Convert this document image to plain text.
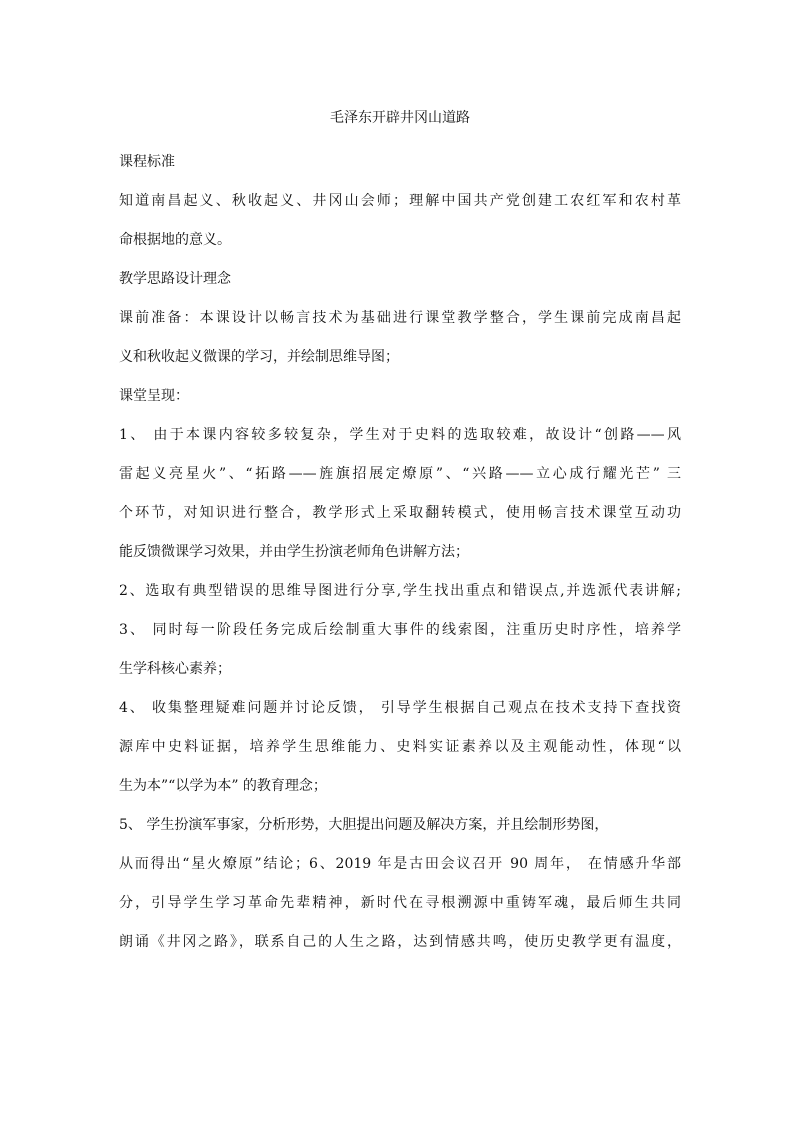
毛泽东开辟井冈山道路
课程标准
知道南昌起义、秋收起义、井冈山会师；理解中国共产党创建工农红军和农村革
命根据地的意义。
教学思路设计理念
课前准备：本课设计以畅言技术为基础进行课堂教学整合，学生课前完成南昌起
义和秋收起义微课的学习，并绘制思维导图；
课堂呈现：
1、 由于本课内容较多较复杂，学生对于史料的选取较难，故设计“创路——风
雷起义亮星火”、“拓路——旌旗招展定燎原”、“兴路——立心成行耀光芒” 三
个环节，对知识进行整合，教学形式上采取翻转模式，使用畅言技术课堂互动功
能反馈微课学习效果，并由学生扮演老师角色讲解方法；
2、选取有典型错误的思维导图进行分享,学生找出重点和错误点,并选派代表讲解;
3、 同时每一阶段任务完成后绘制重大事件的线索图，注重历史时序性，培养学
生学科核心素养；
4、 收集整理疑难问题并讨论反馈， 引导学生根据自己观点在技术支持下查找资
源库中史料证据，培养学生思维能力、史料实证素养以及主观能动性，体现“以
生为本”“以学为本” 的教育理念；
5、 学生扮演军事家，分析形势，大胆提出问题及解决方案，并且绘制形势图，
从而得出“星火燎原”结论；6、2019 年是古田会议召开 90 周年， 在情感升华部
分，引导学生学习革命先辈精神，新时代在寻根溯源中重铸军魂，最后师生共同
朗诵《井冈之路》，联系自己的人生之路，达到情感共鸣，使历史教学更有温度，
